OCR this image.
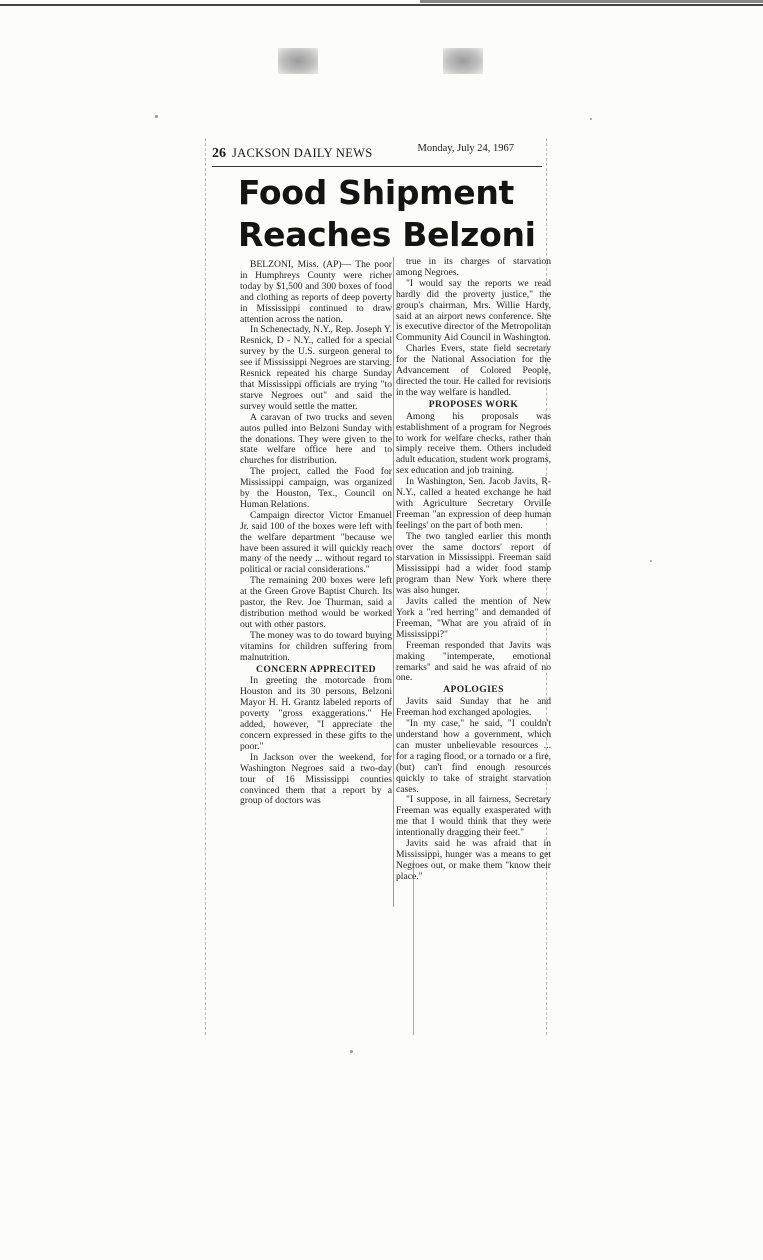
26 JACKSON DAILY NEWS	Monday, July 24, 1967
Food Shipment
Reaches Belzoni

BELZONI, Miss. (AP)— The poor in Humphreys County were richer today by $1,500 and 300 boxes of food and clothing as reports of deep poverty in Mississippi continued to draw attention across the nation.

In Schenectady, N.Y., Rep. Joseph Y. Resnick, D - N.Y., called for a special survey by the U.S. surgeon general to see if Mississippi Negroes are starving. Resnick repeated his charge Sunday that Mississippi officials are trying "to starve Negroes out" and said the survey would settle the matter.

A caravan of two trucks and seven autos pulled into Belzoni Sunday with the donations. They were given to the state welfare office here and to churches for distribution.

The project, called the Food for Mississippi campaign, was organized by the Houston, Tex., Council on Human Relations.

Campaign director Victor Emanuel Jr. said 100 of the boxes were left with the welfare department "because we have been assured it will quickly reach many of the needy ... without regard to political or racial considerations."

The remaining 200 boxes were left at the Green Grove Baptist Church. Its pastor, the Rev. Joe Thurman, said a distribution method would be worked out with other pastors.

The money was to do toward buying vitamins for children suffering from malnutrition.

CONCERN APPRECITED

In greeting the motorcade from Houston and its 30 persons, Belzoni Mayor H. H. Grantz labeled reports of poverty "gross exaggerations." He added, however, "I appreciate the concern expressed in these gifts to the poor."

In Jackson over the weekend, for Washington Negroes said a two-day tour of 16 Mississippi counties convinced them that a report by a group of doctors was

true in its charges of starvation among Negroes.

"I would say the reports we read hardly did the proverty justice," the group's chairman, Mrs. Willie Hardy, said at an airport news conference. She is executive director of the Metropolitan Community Aid Council in Washington.

Charles Evers, state field secretary for the National Association for the Advancement of Colored People, directed the tour. He called for revisions in the way welfare is handled.

PROPOSES WORK

Among his proposals was establishment of a program for Negroes to work for welfare checks, rather than simply receive them. Others included adult education, student work programs, sex education and job training.

In Washington, Sen. Jacob Javits, R-N.Y., called a heated exchange he had with Agriculture Secretary Orville Freeman "an expression of deep human feelings' on the part of both men.

The two tangled earlier this month over the same doctors' report of starvation in Mississippi. Freeman said Mississippi had a wider food stamp program than New York where there was also hunger.

Javits called the mention of New York a "red herring" and demanded of Freeman, "What are you afraid of in Mississippi?"

Freeman responded that Javits was making "intemperate, emotional remarks" and said he was afraid of no one.

APOLOGIES

Javits said Sunday that he and Freeman hod exchanged apologies.

"In my case," he said, "I couldn't understand how a government, which can muster unbelievable resources ... for a raging flood, or a tornado or a fire, (but) can't find enough resources quickly to take of straight starvation cases.

"I suppose, in all fairness, Secretary Freeman was equally exasperated with me that I would think that they were intentionally dragging their feet."

Javits said he was afraid that in Mississippi, hunger was a means to get Negroes out, or make them "know their place."
